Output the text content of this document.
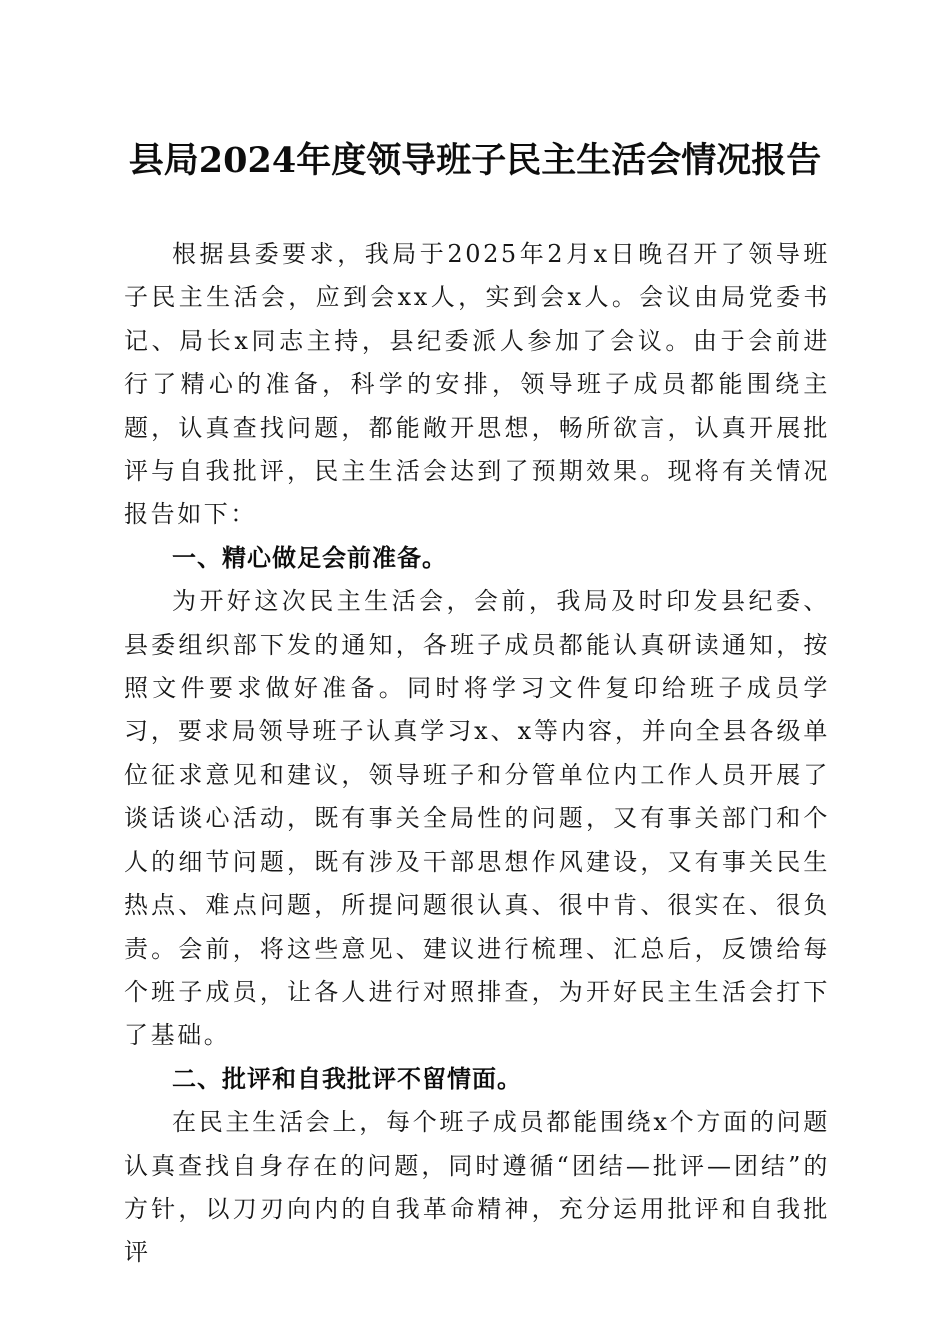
县局2024年度领导班子民主生活会情况报告

根据县委要求，我局于2025年2月x日晚召开了领导班子民主生活会，应到会xx人，实到会x人。会议由局党委书记、局长x同志主持，县纪委派人参加了会议。由于会前进行了精心的准备，科学的安排，领导班子成员都能围绕主题，认真查找问题，都能敞开思想，畅所欲言，认真开展批评与自我批评，民主生活会达到了预期效果。现将有关情况报告如下：

一、精心做足会前准备。

为开好这次民主生活会，会前，我局及时印发县纪委、县委组织部下发的通知，各班子成员都能认真研读通知，按照文件要求做好准备。同时将学习文件复印给班子成员学习，要求局领导班子认真学习x、x等内容，并向全县各级单位征求意见和建议，领导班子和分管单位内工作人员开展了谈话谈心活动，既有事关全局性的问题，又有事关部门和个人的细节问题，既有涉及干部思想作风建设，又有事关民生热点、难点问题，所提问题很认真、很中肯、很实在、很负责。会前，将这些意见、建议进行梳理、汇总后，反馈给每个班子成员，让各人进行对照排查，为开好民主生活会打下了基础。

二、批评和自我批评不留情面。

在民主生活会上，每个班子成员都能围绕x个方面的问题认真查找自身存在的问题，同时遵循“团结—批评—团结”的方针，以刀刃向内的自我革命精神，充分运用批评和自我批评
